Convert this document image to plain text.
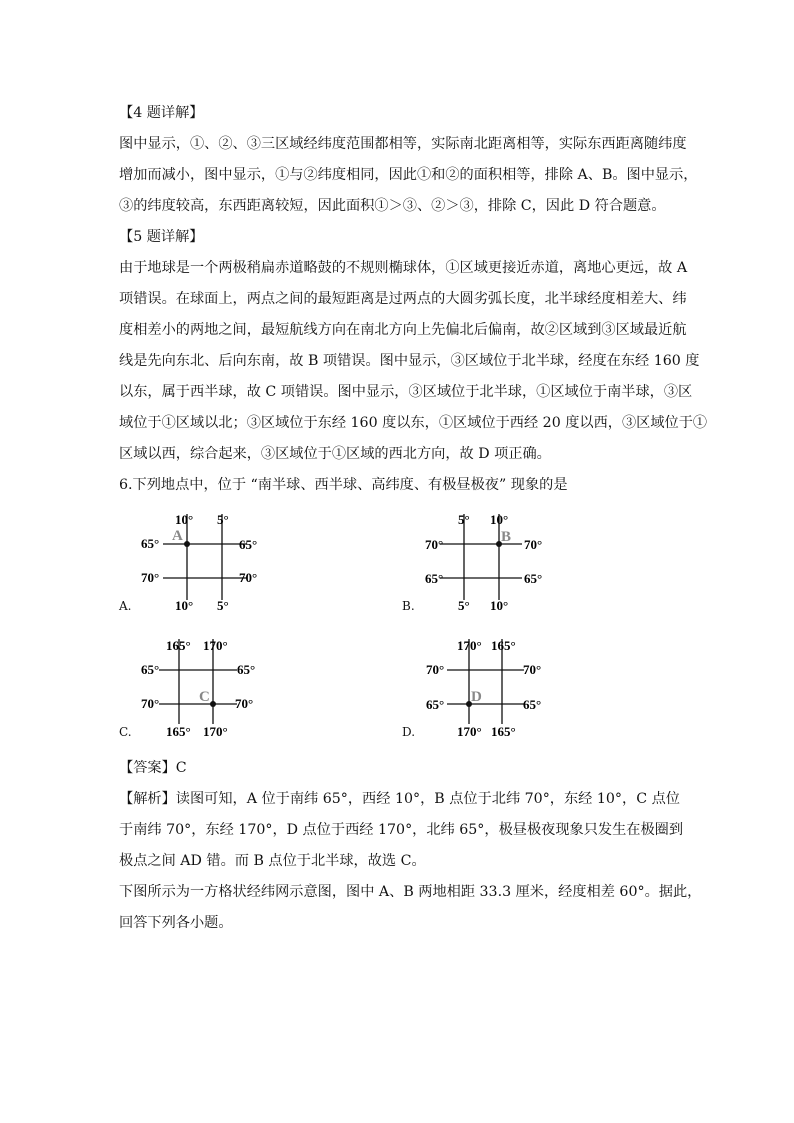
【4 题详解】
图中显示，①、②、③三区域经纬度范围都相等，实际南北距离相等，实际东西距离随纬度
增加而减小，图中显示，①与②纬度相同，因此①和②的面积相等，排除 A、B。图中显示，
③的纬度较高，东西距离较短，因此面积①＞③、②＞③，排除 C，因此 D 符合题意。
【5 题详解】
由于地球是一个两极稍扁赤道略鼓的不规则椭球体，①区域更接近赤道，离地心更远，故 A
项错误。在球面上，两点之间的最短距离是过两点的大圆劣弧长度，北半球经度相差大、纬
度相差小的两地之间，最短航线方向在南北方向上先偏北后偏南，故②区域到③区域最近航
线是先向东北、后向东南，故 B 项错误。图中显示，③区域位于北半球，经度在东经 160 度
以东，属于西半球，故 C 项错误。图中显示，③区域位于北半球，①区域位于南半球，③区
域位于①区域以北；③区域位于东经 160 度以东，①区域位于西经 20 度以西，③区域位于①
区域以西，综合起来，③区域位于①区域的西北方向，故 D 项正确。
6.下列地点中，位于 “南半球、西半球、高纬度、有极昼极夜” 现象的是
A
10° 5°
65°	65°
70°	70°
10° 5°
A.
B
5° 10°
70°	70°
65°	65°
5° 10°
B.
C
165° 170°
65°	65°
70°	70°
165° 170°
C.
D
170° 165°
70°	70°
65°	65°
170° 165°
D.
【答案】C
【解析】读图可知，A 位于南纬 65°，西经 10°，B 点位于北纬 70°，东经 10°，C 点位
于南纬 70°，东经 170°，D 点位于西经 170°，北纬 65°，极昼极夜现象只发生在极圈到
极点之间 AD 错。而 B 点位于北半球，故选 C。
下图所示为一方格状经纬网示意图，图中 A、B 两地相距 33.3 厘米，经度相差 60°。据此，
回答下列各小题。
